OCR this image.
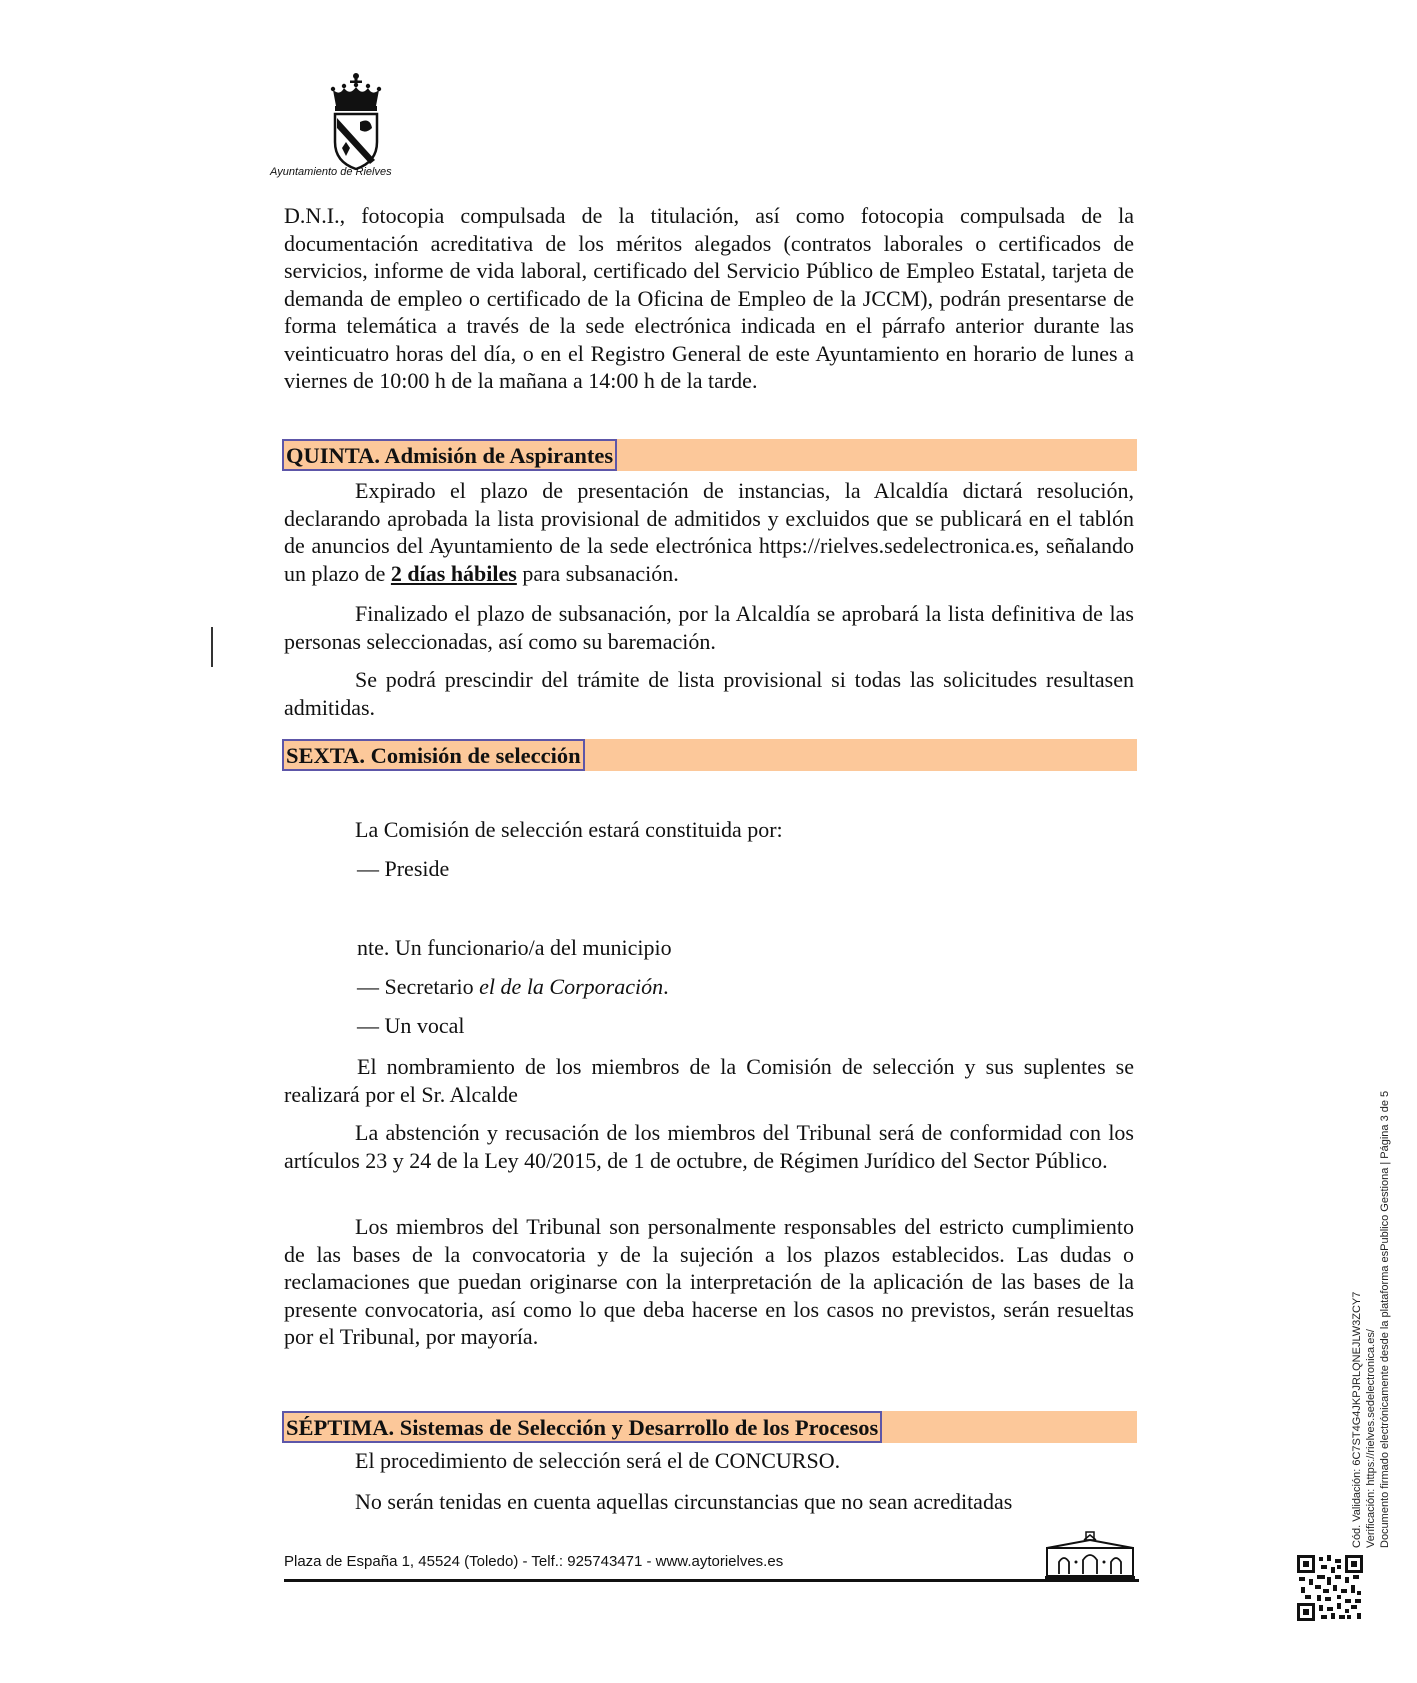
Ayuntamiento de Rielves
D.N.I., fotocopia compulsada de la titulación, así como fotocopia compulsada de la documentación acreditativa de los méritos alegados (contratos laborales o certificados de servicios, informe de vida laboral, certificado del Servicio Público de Empleo Estatal, tarjeta de demanda de empleo o certificado de la Oficina de Empleo de la JCCM), podrán presentarse de forma telemática a través de la sede electrónica indicada en el párrafo anterior durante las veinticuatro horas del día, o en el Registro General de este Ayuntamiento en horario de lunes a viernes de 10:00 h de la mañana a 14:00 h de la tarde.
QUINTA. Admisión de Aspirantes
Expirado el plazo de presentación de instancias, la Alcaldía dictará resolución, declarando aprobada la lista provisional de admitidos y excluidos que se publicará en el tablón de anuncios del Ayuntamiento de la sede electrónica https://rielves.sedelectronica.es, señalando un plazo de 2 días hábiles para subsanación.
Finalizado el plazo de subsanación, por la Alcaldía se aprobará la lista definitiva de las personas seleccionadas, así como su baremación.
Se podrá prescindir del trámite de lista provisional si todas las solicitudes resultasen admitidas.
SEXTA. Comisión de selección
La Comisión de selección estará constituida por:
— Preside
nte. Un funcionario/a del municipio
— Secretario el de la Corporación.
— Un vocal
El nombramiento de los miembros de la Comisión de selección y sus suplentes se realizará por el Sr. Alcalde
La abstención y recusación de los miembros del Tribunal será de conformidad con los artículos 23 y 24 de la Ley 40/2015, de 1 de octubre, de Régimen Jurídico del Sector Público.
Los miembros del Tribunal son personalmente responsables del estricto cumplimiento de las bases de la convocatoria y de la sujeción a los plazos establecidos. Las dudas o reclamaciones que puedan originarse con la interpretación de la aplicación de las bases de la presente convocatoria, así como lo que deba hacerse en los casos no previstos, serán resueltas por el Tribunal, por mayoría.
SÉPTIMA. Sistemas de Selección y Desarrollo de los Procesos
El procedimiento de selección será el de CONCURSO.
No serán tenidas en cuenta aquellas circunstancias que no sean acreditadas
Plaza de España 1, 45524 (Toledo) - Telf.: 925743471 - www.aytorielves.es
Cód. Validación: 6C7ST4G4JKPJRLQNEJLW3ZCY7 Verificación: https://rielves.sedelectronica.es/ Documento firmado electrónicamente desde la plataforma esPublico Gestiona | Página 3 de 5
